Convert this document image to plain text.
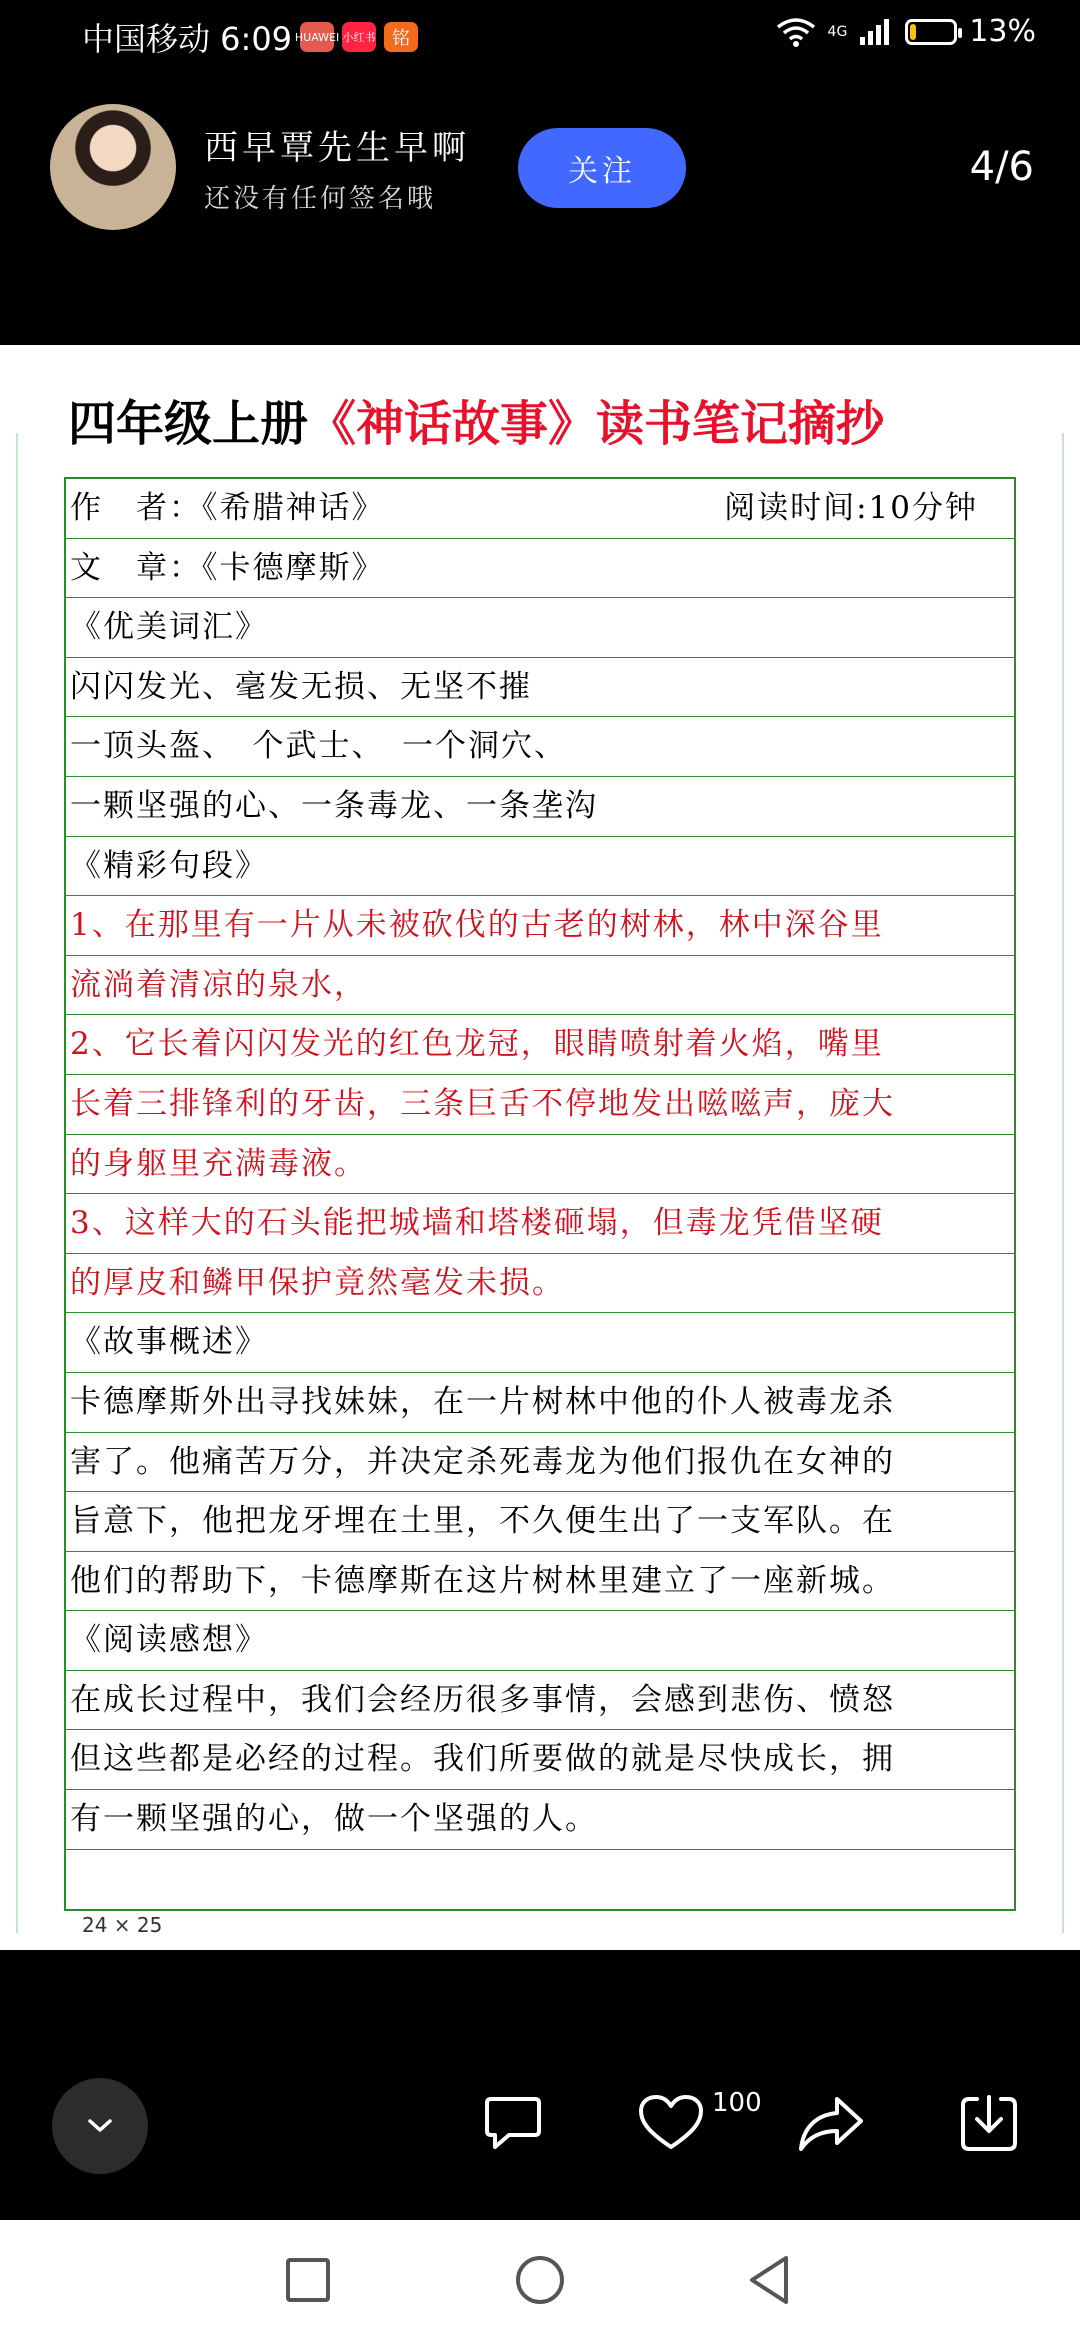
中国移动 6:09 HUAWEI 小红书 铭	4G	13%
西早覃先生早啊
还没有任何签名哦
关注	4/6
四年级上册《神话故事》读书笔记摘抄
作　者：《希腊神话》	阅读时间:10分钟
文　章：《卡德摩斯》
《优美词汇》
闪闪发光、毫发无损、无坚不摧
一顶头盔、　个武士、　一个洞穴、
一颗坚强的心、一条毒龙、一条垄沟
《精彩句段》
1、在那里有一片从未被砍伐的古老的树林，林中深谷里
流淌着清凉的泉水，
2、它长着闪闪发光的红色龙冠，眼睛喷射着火焰，嘴里
长着三排锋利的牙齿，三条巨舌不停地发出嗞嗞声，庞大
的身躯里充满毒液。
3、这样大的石头能把城墙和塔楼砸塌，但毒龙凭借坚硬
的厚皮和鳞甲保护竟然毫发未损。
《故事概述》
卡德摩斯外出寻找妹妹，在一片树林中他的仆人被毒龙杀
害了。他痛苦万分，并决定杀死毒龙为他们报仇在女神的
旨意下，他把龙牙埋在土里，不久便生出了一支军队。在
他们的帮助下，卡德摩斯在这片树林里建立了一座新城。
《阅读感想》
在成长过程中，我们会经历很多事情，会感到悲伤、愤怒
但这些都是必经的过程。我们所要做的就是尽快成长，拥
有一颗坚强的心，做一个坚强的人。
24 × 25
100
